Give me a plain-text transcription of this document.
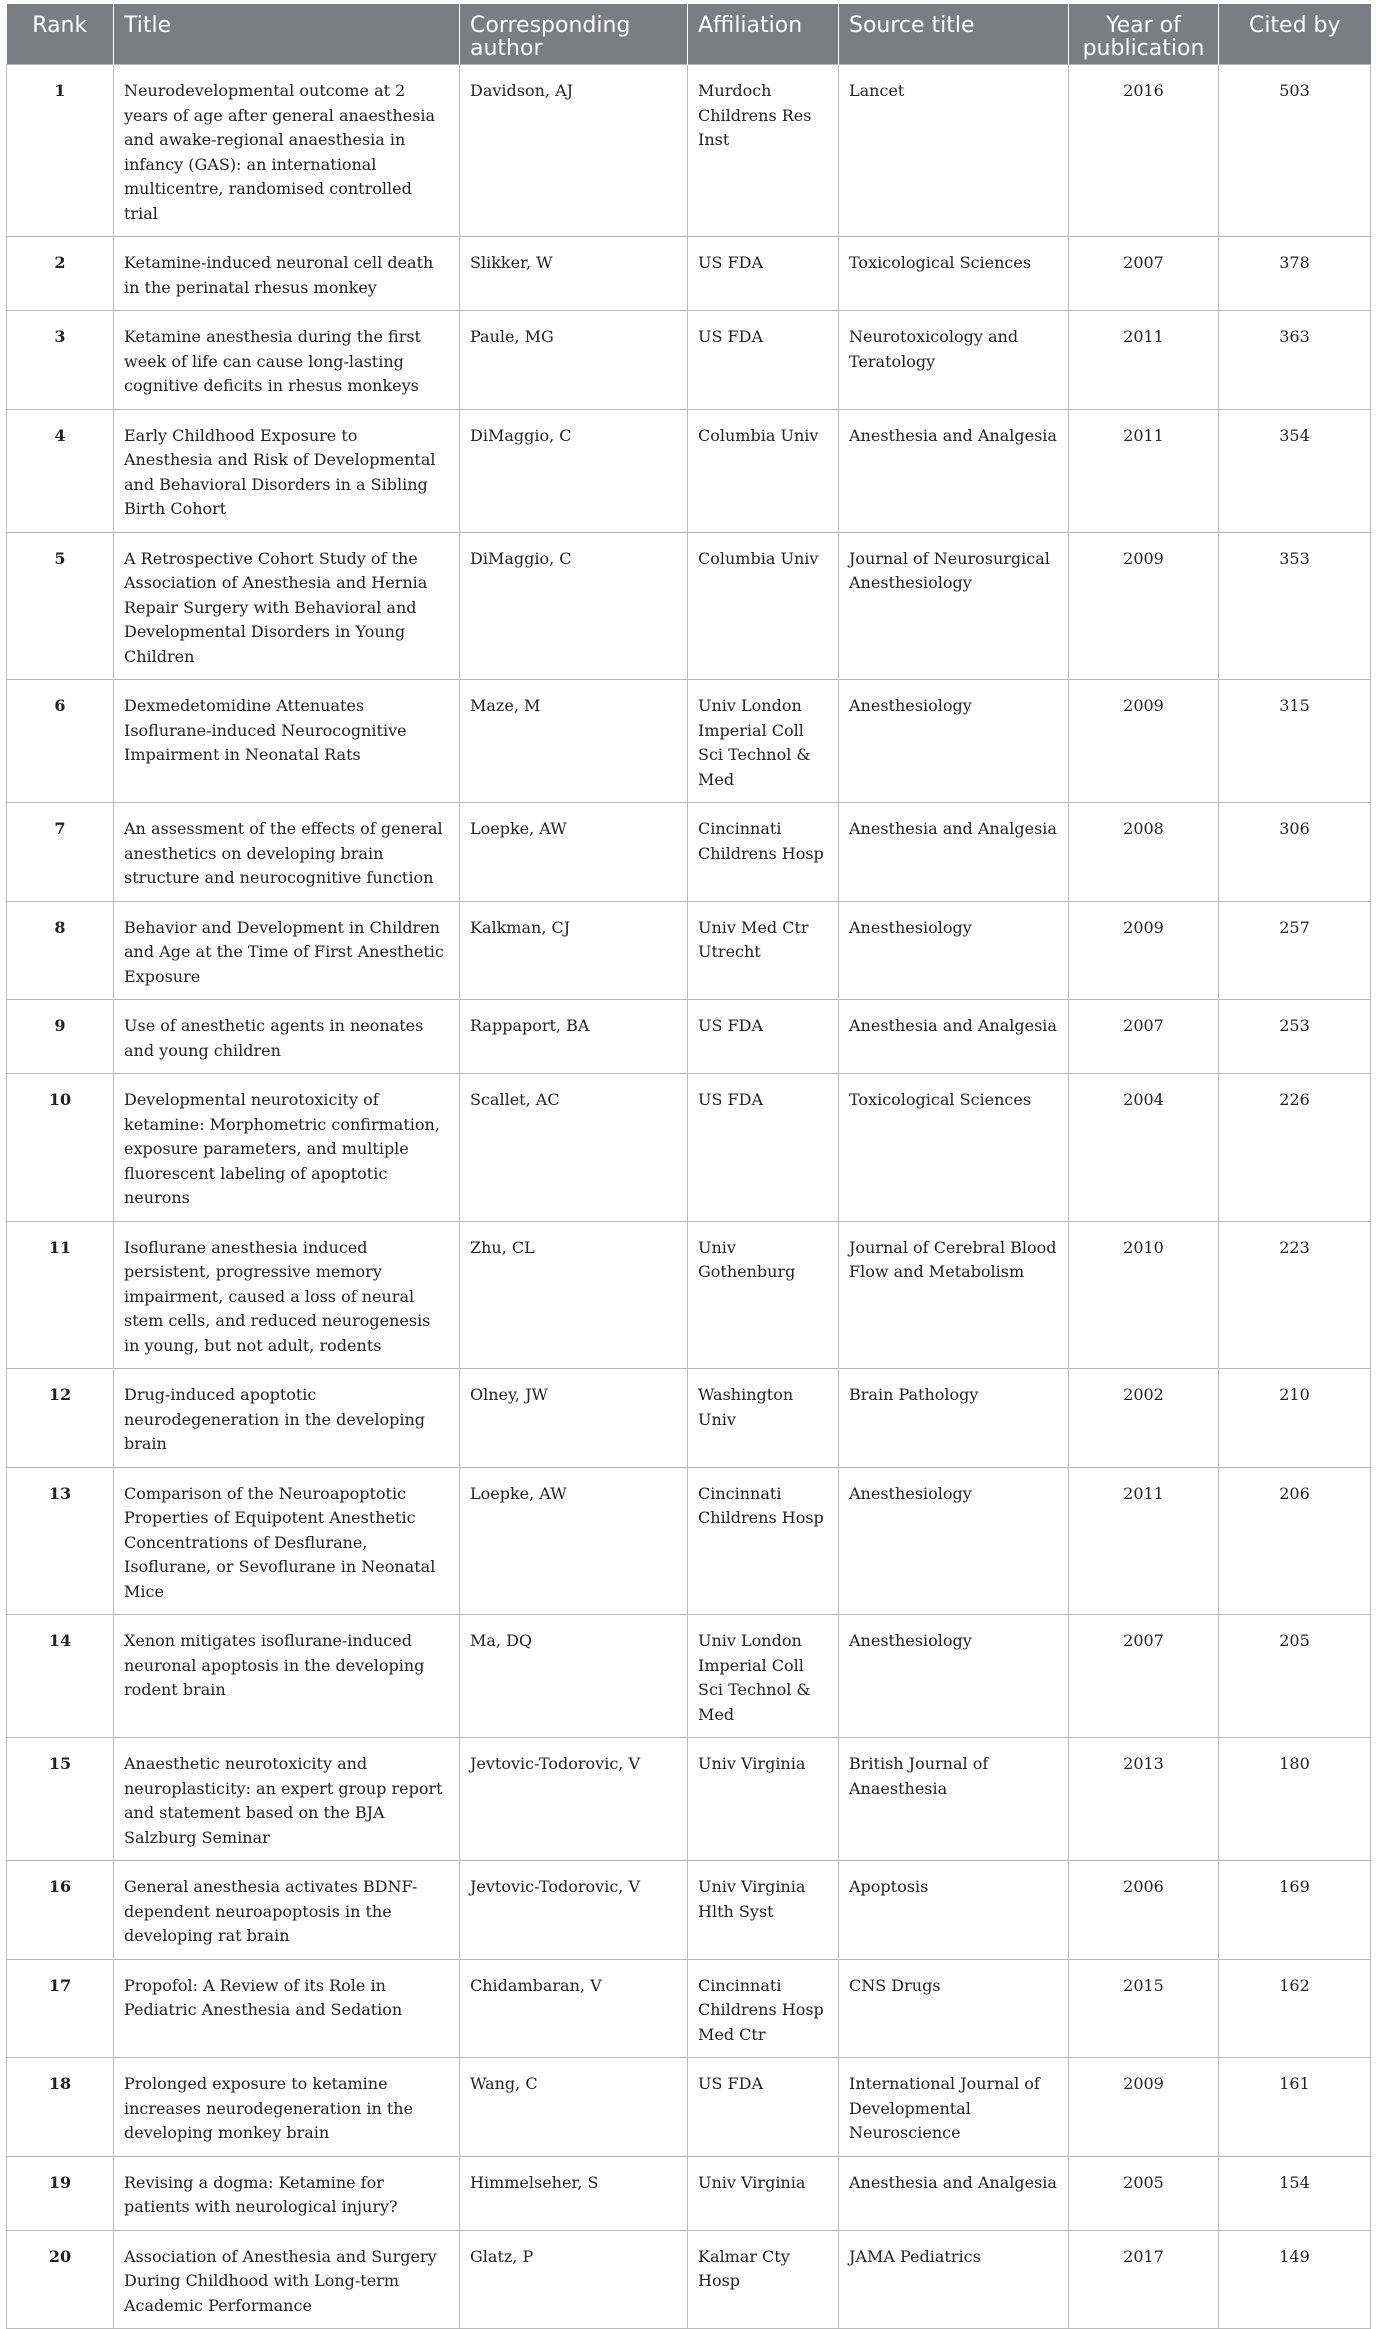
Rank	Title	Corresponding author	Affiliation	Source title	Year of publication	Cited by
1	Neurodevelopmental outcome at 2 years of age after general anaesthesia and awake-regional anaesthesia in infancy (GAS): an international multicentre, randomised controlled trial	Davidson, AJ	Murdoch Childrens Res Inst	Lancet	2016	503
2	Ketamine-induced neuronal cell death in the perinatal rhesus monkey	Slikker, W	US FDA	Toxicological Sciences	2007	378
3	Ketamine anesthesia during the first week of life can cause long-lasting cognitive deficits in rhesus monkeys	Paule, MG	US FDA	Neurotoxicology and Teratology	2011	363
4	Early Childhood Exposure to Anesthesia and Risk of Developmental and Behavioral Disorders in a Sibling Birth Cohort	DiMaggio, C	Columbia Univ	Anesthesia and Analgesia	2011	354
5	A Retrospective Cohort Study of the Association of Anesthesia and Hernia Repair Surgery with Behavioral and Developmental Disorders in Young Children	DiMaggio, C	Columbia Univ	Journal of Neurosurgical Anesthesiology	2009	353
6	Dexmedetomidine Attenuates Isoflurane-induced Neurocognitive Impairment in Neonatal Rats	Maze, M	Univ London Imperial Coll Sci Technol & Med	Anesthesiology	2009	315
7	An assessment of the effects of general anesthetics on developing brain structure and neurocognitive function	Loepke, AW	Cincinnati Childrens Hosp	Anesthesia and Analgesia	2008	306
8	Behavior and Development in Children and Age at the Time of First Anesthetic Exposure	Kalkman, CJ	Univ Med Ctr Utrecht	Anesthesiology	2009	257
9	Use of anesthetic agents in neonates and young children	Rappaport, BA	US FDA	Anesthesia and Analgesia	2007	253
10	Developmental neurotoxicity of ketamine: Morphometric confirmation, exposure parameters, and multiple fluorescent labeling of apoptotic neurons	Scallet, AC	US FDA	Toxicological Sciences	2004	226
11	Isoflurane anesthesia induced persistent, progressive memory impairment, caused a loss of neural stem cells, and reduced neurogenesis in young, but not adult, rodents	Zhu, CL	Univ Gothenburg	Journal of Cerebral Blood Flow and Metabolism	2010	223
12	Drug-induced apoptotic neurodegeneration in the developing brain	Olney, JW	Washington Univ	Brain Pathology	2002	210
13	Comparison of the Neuroapoptotic Properties of Equipotent Anesthetic Concentrations of Desflurane, Isoflurane, or Sevoflurane in Neonatal Mice	Loepke, AW	Cincinnati Childrens Hosp	Anesthesiology	2011	206
14	Xenon mitigates isoflurane-induced neuronal apoptosis in the developing rodent brain	Ma, DQ	Univ London Imperial Coll Sci Technol & Med	Anesthesiology	2007	205
15	Anaesthetic neurotoxicity and neuroplasticity: an expert group report and statement based on the BJA Salzburg Seminar	Jevtovic-Todorovic, V	Univ Virginia	British Journal of Anaesthesia	2013	180
16	General anesthesia activates BDNF-dependent neuroapoptosis in the developing rat brain	Jevtovic-Todorovic, V	Univ Virginia Hlth Syst	Apoptosis	2006	169
17	Propofol: A Review of its Role in Pediatric Anesthesia and Sedation	Chidambaran, V	Cincinnati Childrens Hosp Med Ctr	CNS Drugs	2015	162
18	Prolonged exposure to ketamine increases neurodegeneration in the developing monkey brain	Wang, C	US FDA	International Journal of Developmental Neuroscience	2009	161
19	Revising a dogma: Ketamine for patients with neurological injury?	Himmelseher, S	Univ Virginia	Anesthesia and Analgesia	2005	154
20	Association of Anesthesia and Surgery During Childhood with Long-term Academic Performance	Glatz, P	Kalmar Cty Hosp	JAMA Pediatrics	2017	149
